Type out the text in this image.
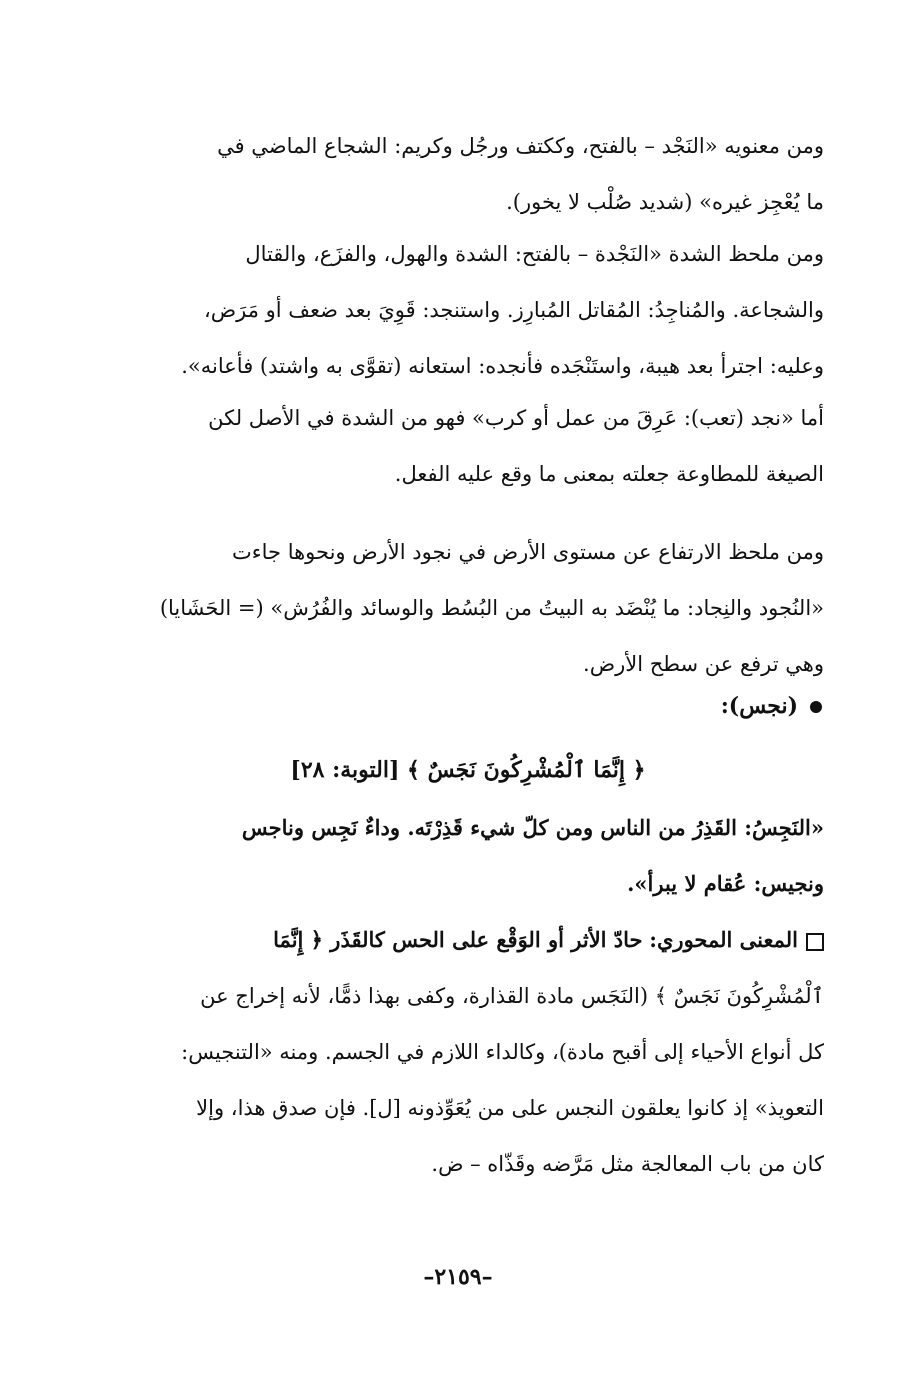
ومن معنويه «النَجْد – بالفتح، وككتف ورجُل وكريم: الشجاع الماضي في
ما يُعْجِز غيره» (شديد صُلْب لا يخور).
ومن ملحظ الشدة «النَجْدة – بالفتح: الشدة والهول، والفزَع، والقتال
والشجاعة. والمُناجِدُ: المُقاتل المُبارِز. واستنجد: قَوِيَ بعد ضعف أو مَرَض،
وعليه: اجترأ بعد هيبة، واستَنْجَده فأنجده: استعانه (تقوَّى به واشتد) فأعانه».
أما «نجد (تعب): عَرِقَ من عمل أو كرب» فهو من الشدة في الأصل لكن
الصيغة للمطاوعة جعلته بمعنى ما وقع عليه الفعل.
ومن ملحظ الارتفاع عن مستوى الأرض في نجود الأرض ونحوها جاءت
«النُجود والنِجاد: ما يُنْضَد به البيتُ من البُسُط والوسائد والفُرُش» (= الحَشَايا)
وهي ترفع عن سطح الأرض.
(نجس):
﴿ إِنَّمَا ٱلْمُشْرِكُونَ نَجَسٌ ﴾ [التوبة: ٢٨]
«النَجِسُ: القَذِرُ من الناس ومن كلّ شيء قَذِرْتَه. وداءٌ نَجِس وناجس
ونجيس: عُقام لا يبرأ».
المعنى المحوري: حادّ الأثر أو الوَقْع على الحس كالقَذَر ﴿ إِنَّمَا
ٱلْمُشْرِكُونَ نَجَسٌ ﴾ (النَجَس مادة القذارة، وكفى بهذا ذمًّا، لأنه إخراج عن
كل أنواع الأحياء إلى أقبح مادة)، وكالداء اللازم في الجسم. ومنه «التنجيس:
التعويذ» إذ كانوا يعلقون النجس على من يُعَوِّذونه [ل]. فإن صدق هذا، وإلا
كان من باب المعالجة مثل مَرَّضه وقَذّاه – ض.
–٢١٥٩–
